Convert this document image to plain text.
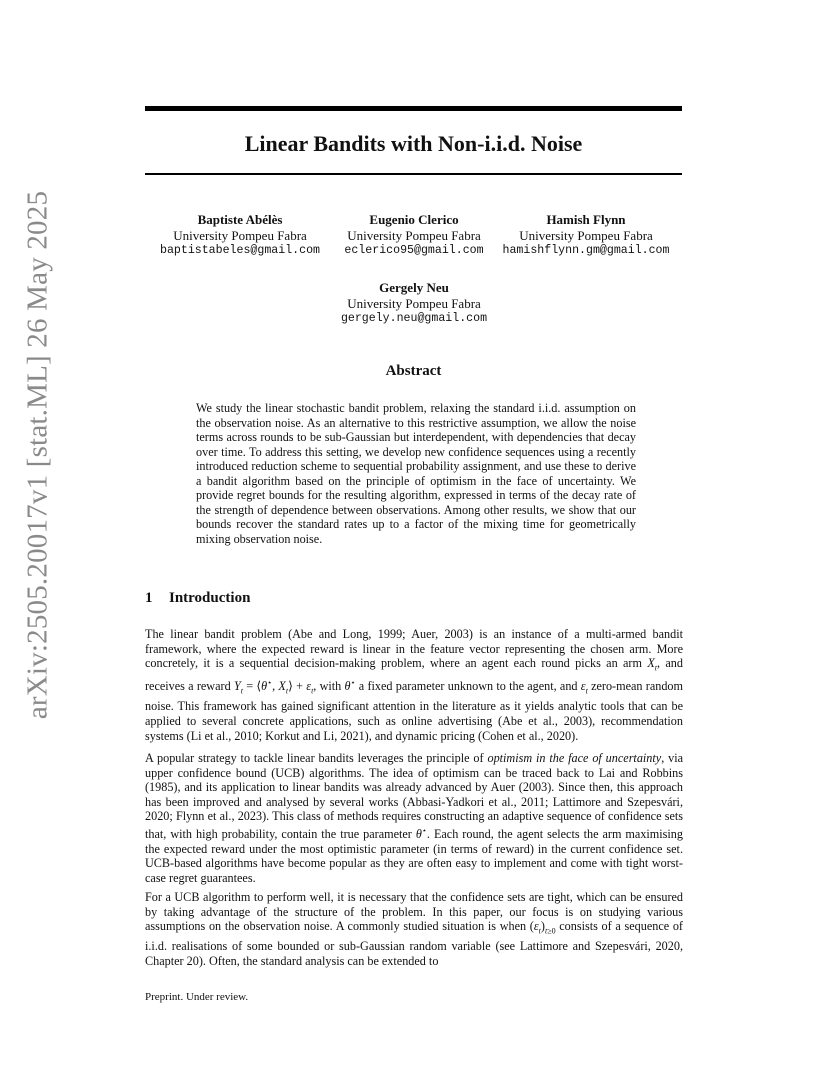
arXiv:2505.20017v1 [stat.ML] 26 May 2025
Linear Bandits with Non-i.i.d. Noise
Baptiste Abélès
University Pompeu Fabra
baptistabeles@gmail.com
Eugenio Clerico
University Pompeu Fabra
eclerico95@gmail.com
Hamish Flynn
University Pompeu Fabra
hamishflynn.gm@gmail.com
Gergely Neu
University Pompeu Fabra
gergely.neu@gmail.com
Abstract
We study the linear stochastic bandit problem, relaxing the standard i.i.d. assumption on the observation noise. As an alternative to this restrictive assumption, we allow the noise terms across rounds to be sub-Gaussian but interdependent, with dependencies that decay over time. To address this setting, we develop new confidence sequences using a recently introduced reduction scheme to sequential probability assignment, and use these to derive a bandit algorithm based on the principle of optimism in the face of uncertainty. We provide regret bounds for the resulting algorithm, expressed in terms of the decay rate of the strength of dependence between observations. Among other results, we show that our bounds recover the standard rates up to a factor of the mixing time for geometrically mixing observation noise.
1 Introduction
The linear bandit problem (Abe and Long, 1999; Auer, 2003) is an instance of a multi-armed bandit framework, where the expected reward is linear in the feature vector representing the chosen arm. More concretely, it is a sequential decision-making problem, where an agent each round picks an arm $X_t$, and receives a reward $Y_t$ = ⟨θ⋆, $X_t⟩ + \varepsilon_t$, with θ⋆ a fixed parameter unknown to the agent, and $\varepsilon_t$ zero-mean random noise. This framework has gained significant attention in the literature as it yields analytic tools that can be applied to several concrete applications, such as online advertising (Abe et al., 2003), recommendation systems (Li et al., 2010; Korkut and Li, 2021), and dynamic pricing (Cohen et al., 2020).
A popular strategy to tackle linear bandits leverages the principle of optimism in the face of uncertainty, via upper confidence bound (UCB) algorithms. The idea of optimism can be traced back to Lai and Robbins (1985), and its application to linear bandits was already advanced by Auer (2003). Since then, this approach has been improved and analysed by several works (Abbasi-Yadkori et al., 2011; Lattimore and Szepesvári, 2020; Flynn et al., 2023). This class of methods requires constructing an adaptive sequence of confidence sets that, with high probability, contain the true parameter θ⋆. Each round, the agent selects the arm maximising the expected reward under the most optimistic parameter (in terms of reward) in the current confidence set. UCB-based algorithms have become popular as they are often easy to implement and come with tight worst-case regret guarantees.
For a UCB algorithm to perform well, it is necessary that the confidence sets are tight, which can be ensured by taking advantage of the structure of the problem. In this paper, our focus is on studying various assumptions on the observation noise. A commonly studied situation is when $(\varepsilon_t)_{t\ge 0}$ consists of a sequence of i.i.d. realisations of some bounded or sub-Gaussian random variable (see Lattimore and Szepesvári, 2020, Chapter 20). Often, the standard analysis can be extended to
Preprint. Under review.
